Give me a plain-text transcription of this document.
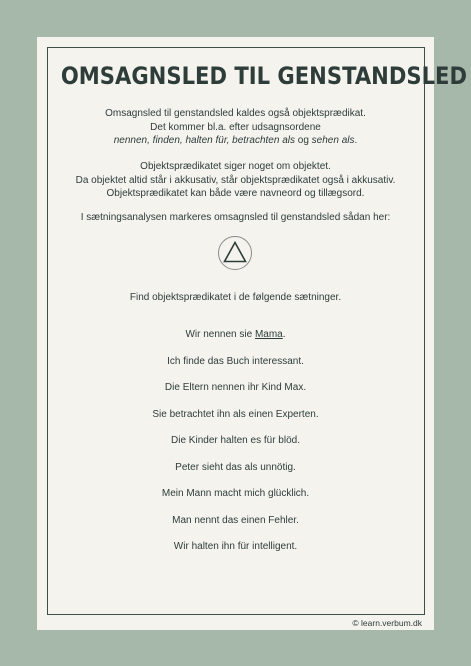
OMSAGNSLED TIL GENSTANDSLED
Omsagnsled til genstandsled kaldes også objektsprædikat.
Det kommer bl.a. efter udsagnsordene
nennen, finden, halten für, betrachten als og sehen als.
Objektsprædikatet siger noget om objektet.
Da objektet altid står i akkusativ, står objektsprædikatet også i akkusativ.
Objektsprædikatet kan både være navneord og tillægsord.
I sætningsanalysen markeres omsagnsled til genstandsled sådan her:
Find objektsprædikatet i de følgende sætninger.
Wir nennen sie Mama.
Ich finde das Buch interessant.
Die Eltern nennen ihr Kind Max.
Sie betrachtet ihn als einen Experten.
Die Kinder halten es für blöd.
Peter sieht das als unnötig.
Mein Mann macht mich glücklich.
Man nennt das einen Fehler.
Wir halten ihn für intelligent.
© learn.verbum.dk
